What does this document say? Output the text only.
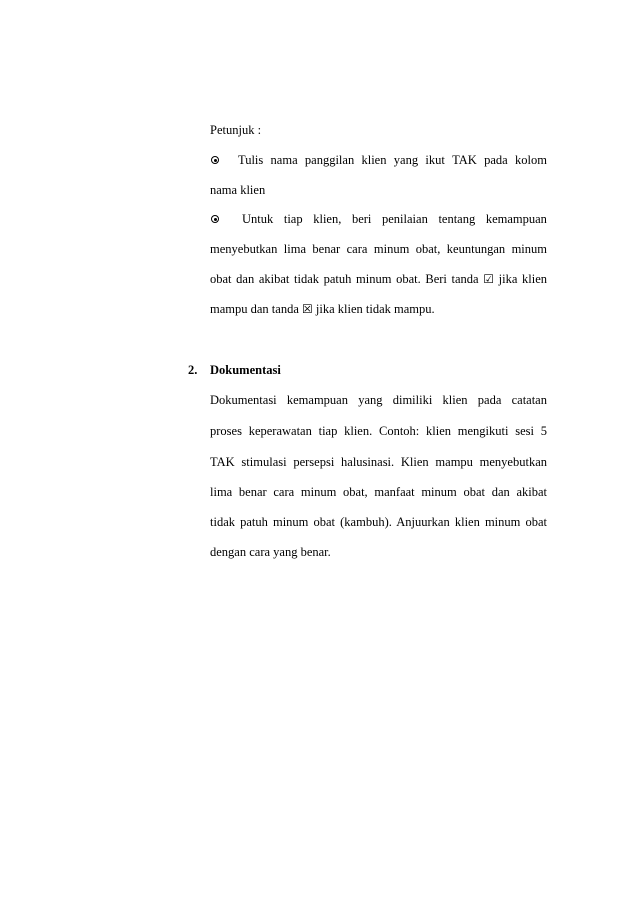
Petunjuk :
Tulis nama panggilan klien yang ikut TAK pada kolom
nama klien
Untuk tiap klien, beri penilaian tentang kemampuan
menyebutkan lima benar cara minum obat, keuntungan minum
obat dan akibat tidak patuh minum obat. Beri tanda ☑ jika klien
mampu dan tanda ☒ jika klien tidak mampu.
2. Dokumentasi
Dokumentasi kemampuan yang dimiliki klien pada catatan
proses keperawatan tiap klien. Contoh: klien mengikuti sesi 5
TAK stimulasi persepsi halusinasi. Klien mampu menyebutkan
lima benar cara minum obat, manfaat minum obat dan akibat
tidak patuh minum obat (kambuh). Anjuurkan klien minum obat
dengan cara yang benar.
